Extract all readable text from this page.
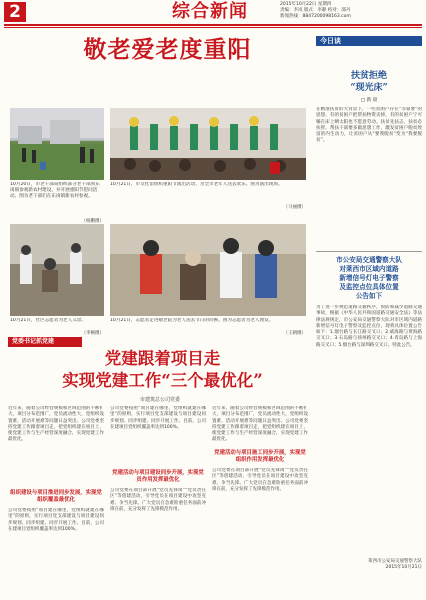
2	综合新闻	2015年10月22日 星期四
责编：李岚 版式：李静 校对：邵丹
新闻热线：8847200098163.com
敬老爱老度重阳
10月20日，市老干部局组织部分老干部到东岗镇参观新农村建设，并开展重阳节慰问活动。图为老干部们在东岗镇新农村参观。
（杨鹏摄）
10月21日，市文化馆组织重阳节演出活动，为全市老年人送去欢乐。图为演出现场。
（马丽摄）
10月21日，社区志愿者为老人义诊。
（李桐摄）
10月21日，志愿者走进敬老院为老人送去节日的问候。图为志愿者为老人理发。
（王朝摄）
今日谈
扶贫拒绝
“现光床”
□ 新 晨
在精准扶贫的大背景下，一些贫困户存在“等靠要”的思想，有的贫困户把帮扶物资卖掉，有的贫困户宁可躺在床上晒太阳也不愿意劳动。扶贫先扶志，扶贫必扶智。帮扶干部要多做思想工作，激发贫困户脱贫致富的内生动力，让贫困户从“要我脱贫”变为“我要脱贫”。
市公安局交通警察大队
对莱西市区域内道路
新增信号灯电子警察
及监控点位具体位置
公告如下
为了进一步规范道路交通秩序，预防和减少道路交通事故，根据《中华人民共和国道路交通安全法》等法律法规规定，市公安局交通警察大队对市区域内道路新增信号灯电子警察及监控点位，现将具体位置公告如下：1.烟台路与长江路交叉口；2.威海路与黄海路交叉口；3.石岛路与扬州路交叉口；4.青岛路与上海路交叉口；5.烟台路与深圳路交叉口。特此公告。
莱西市公安局交通警察大队
2015年10月21日
党委书记抓党建
党建跟着项目走
实现党建工作“三个最优化”
市建筑总公司党委
近年来，随着公司经营规模和区域范围的不断扩大，项目分布范围广，党员流动性大，党组织设置难、活动开展难等问题日益突出。公司党委坚持党建工作跟着项目走，把党组织建在项目上，使党建工作与生产经营深度融合，实现党建工作最优化。
组织建设与项目推进同步发展，实现党组织覆盖最优化
公司党委按照“项目建在哪里，党组织就建在哪里”的原则，实行项目党支部建设与项目建设同步规划、同步组建、同步开展工作。目前，公司在建项目党组织覆盖率达到100%。
公司党委按照“项目建在哪里，党组织就建在哪里”的原则，实行项目党支部建设与项目建设同步规划、同步组建、同步开展工作。目前，公司在建项目党组织覆盖率达到100%。
党建活动与项目建设同步开展，实现党员作用发挥最优化
公司党委在项目部开展“党员先锋岗”“党员责任区”等创建活动，引导党员在项目建设中攻坚克难、争当先锋。广大党员在急难险重任务面前冲锋在前，充分发挥了先锋模范作用。
近年来，随着公司经营规模和区域范围的不断扩大，项目分布范围广，党员流动性大，党组织设置难、活动开展难等问题日益突出。公司党委坚持党建工作跟着项目走，把党组织建在项目上，使党建工作与生产经营深度融合，实现党建工作最优化。
党建活动与项目施工同步开展，实现党组织作用发挥最优化
公司党委在项目部开展“党员先锋岗”“党员责任区”等创建活动，引导党员在项目建设中攻坚克难、争当先锋。广大党员在急难险重任务面前冲锋在前，充分发挥了先锋模范作用。
